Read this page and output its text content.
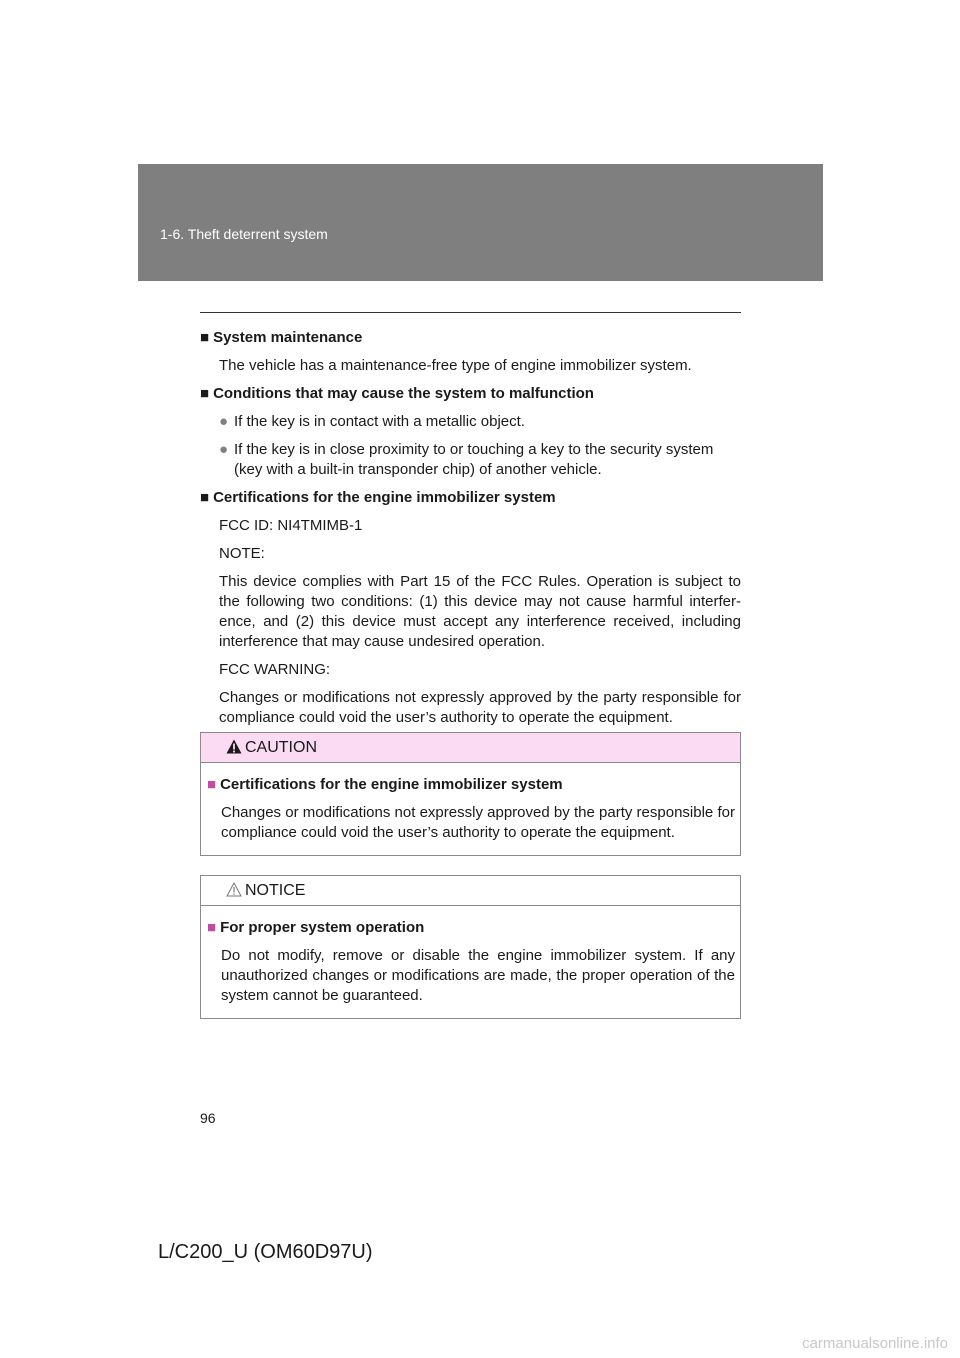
1-6. Theft deterrent system

■ System maintenance

The vehicle has a maintenance-free type of engine immobilizer system.

■ Conditions that may cause the system to malfunction

● If the key is in contact with a metallic object.

● If the key is in close proximity to or touching a key to the security system (key with a built-in transponder chip) of another vehicle.

■ Certifications for the engine immobilizer system

FCC ID: NI4TMIMB-1

NOTE:

This device complies with Part 15 of the FCC Rules. Operation is subject to the following two conditions: (1) this device may not cause harmful interfer-ence, and (2) this device must accept any interference received, including interference that may cause undesired operation.

FCC WARNING:

Changes or modifications not expressly approved by the party responsible for compliance could void the user’s authority to operate the equipment.

CAUTION

■ Certifications for the engine immobilizer system

Changes or modifications not expressly approved by the party responsible for compliance could void the user’s authority to operate the equipment.

NOTICE

■ For proper system operation

Do not modify, remove or disable the engine immobilizer system. If any unauthorized changes or modifications are made, the proper operation of the system cannot be guaranteed.

96
L/C200_U (OM60D97U)
carmanualsonline.info
